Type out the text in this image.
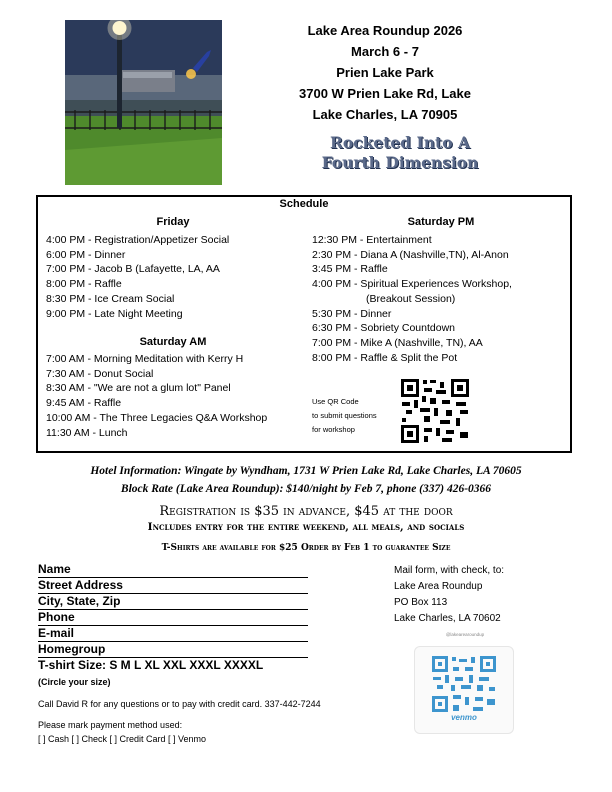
Lake Area Roundup 2026
March 6 - 7
Prien Lake Park
3700 W Prien Lake Rd, Lake
Lake Charles, LA 70905
Rocketed Into A
Fourth Dimension
Schedule
Friday
4:00 PM - Registration/Appetizer Social
6:00 PM - Dinner
7:00 PM - Jacob B (Lafayette, LA, AA
8:00 PM - Raffle
8:30 PM - Ice Cream Social
9:00 PM - Late Night Meeting
Saturday AM
7:00 AM - Morning Meditation with Kerry H
7:30 AM - Donut Social
8:30 AM - "We are not a glum lot" Panel
9:45 AM - Raffle
10:00 AM - The Three Legacies Q&A Workshop
11:30 AM - Lunch
Saturday PM
12:30 PM - Entertainment
2:30 PM - Diana A (Nashville,TN), Al-Anon
3:45 PM - Raffle
4:00 PM - Spiritual Experiences Workshop,
(Breakout Session)
5:30 PM - Dinner
6:30 PM - Sobriety Countdown
7:00 PM - Mike A (Nashville, TN), AA
8:00 PM - Raffle & Split the Pot
Use QR Code
to submit questions
for workshop
Hotel Information: Wingate by Wyndham, 1731 W Prien Lake Rd, Lake Charles, LA 70605
Block Rate (Lake Area Roundup): $140/night by Feb 7, phone (337) 426-0366
Registration is $35 in advance, $45 at the door
Includes entry for the entire weekend, all meals, and socials
T-Shirts are available for $25 Order by Feb 1 to guarantee Size
Name
Street Address
City, State, Zip
Phone
E-mail
Homegroup
T-shirt Size: S M L XL XXL XXXL XXXXL
(Circle your size)
Call David R for any questions or to pay with credit card. 337-442-7244
Please mark payment method used:
[ ] Cash [ ] Check [ ] Credit Card [ ] Venmo
Mail form, with check, to:
Lake Area Roundup
PO Box 113
Lake Charles, LA 70602
@lakearearoundup
venmo
